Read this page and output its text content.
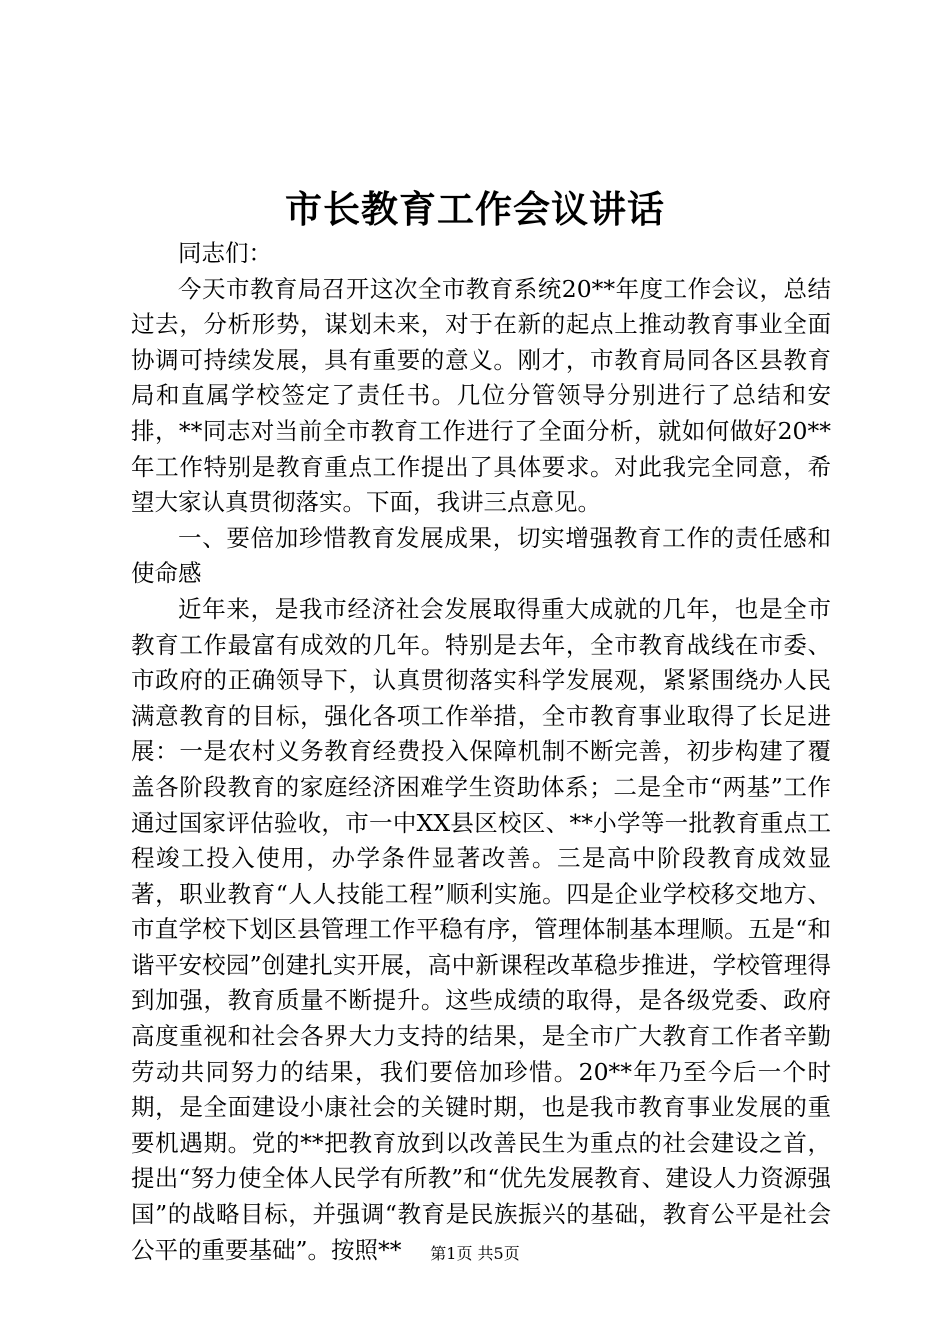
市长教育工作会议讲话

同志们：

今天市教育局召开这次全市教育系统20**年度工作会议，总结过去，分析形势，谋划未来，对于在新的起点上推动教育事业全面协调可持续发展，具有重要的意义。刚才，市教育局同各区县教育局和直属学校签定了责任书。几位分管领导分别进行了总结和安排，**同志对当前全市教育工作进行了全面分析，就如何做好20**年工作特别是教育重点工作提出了具体要求。对此我完全同意，希望大家认真贯彻落实。下面，我讲三点意见。

一、要倍加珍惜教育发展成果，切实增强教育工作的责任感和使命感

近年来，是我市经济社会发展取得重大成就的几年，也是全市教育工作最富有成效的几年。特别是去年，全市教育战线在市委、市政府的正确领导下，认真贯彻落实科学发展观，紧紧围绕办人民满意教育的目标，强化各项工作举措，全市教育事业取得了长足进展：一是农村义务教育经费投入保障机制不断完善，初步构建了覆盖各阶段教育的家庭经济困难学生资助体系；二是全市“两基”工作通过国家评估验收，市一中XX县区校区、**小学等一批教育重点工程竣工投入使用，办学条件显著改善。三是高中阶段教育成效显著，职业教育“人人技能工程”顺利实施。四是企业学校移交地方、市直学校下划区县管理工作平稳有序，管理体制基本理顺。五是“和谐平安校园”创建扎实开展，高中新课程改革稳步推进，学校管理得到加强，教育质量不断提升。这些成绩的取得，是各级党委、政府高度重视和社会各界大力支持的结果，是全市广大教育工作者辛勤劳动共同努力的结果，我们要倍加珍惜。20**年乃至今后一个时期，是全面建设小康社会的关键时期，也是我市教育事业发展的重要机遇期。党的**把教育放到以改善民生为重点的社会建设之首，提出“努力使全体人民学有所教”和“优先发展教育、建设人力资源强国”的战略目标，并强调“教育是民族振兴的基础，教育公平是社会公平的重要基础”。按照**	第1页 共5页
